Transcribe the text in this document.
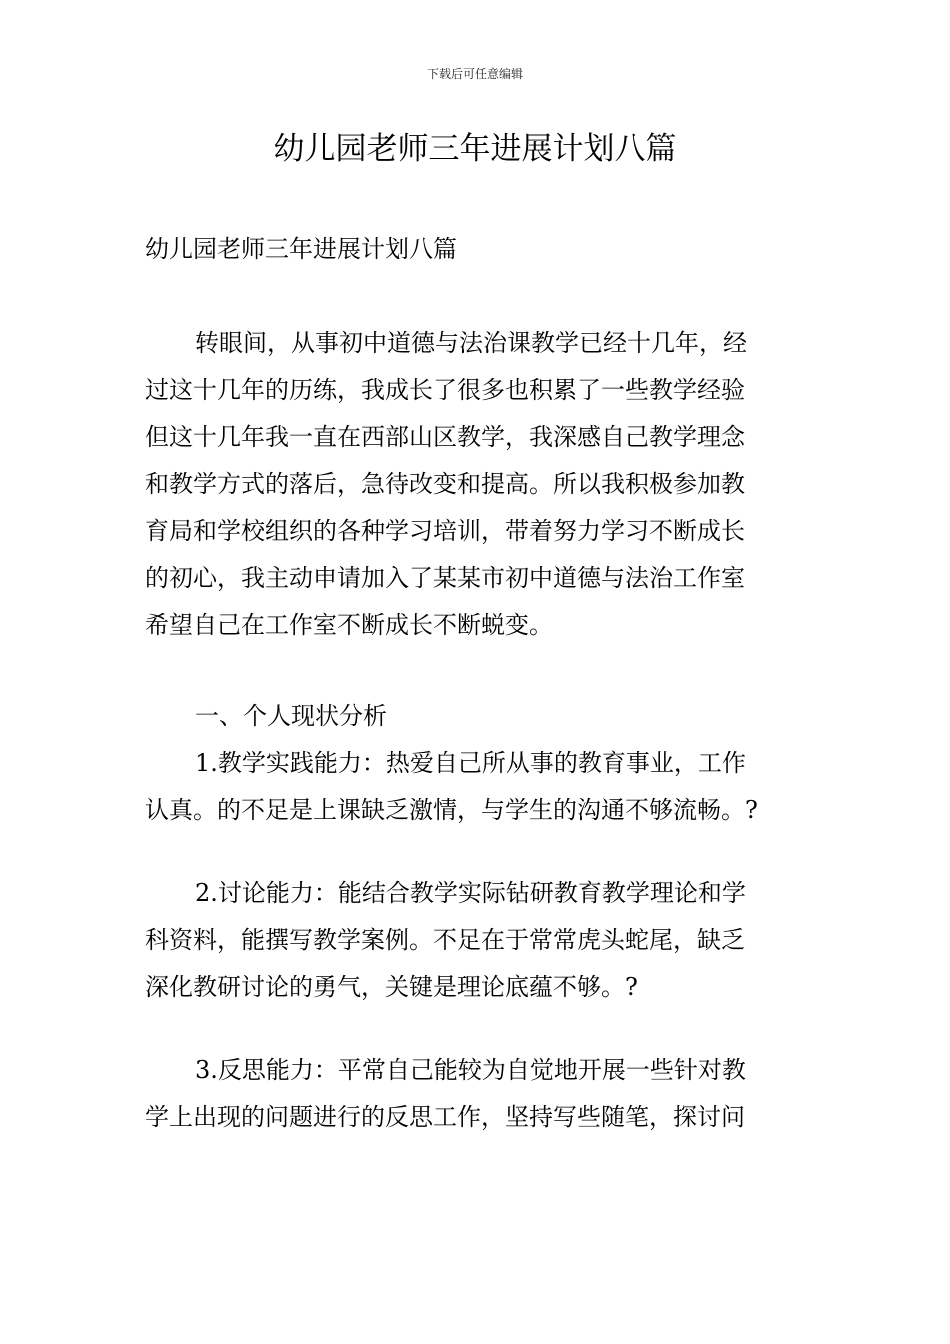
下载后可任意编辑
幼儿园老师三年进展计划八篇
幼儿园老师三年进展计划八篇
转眼间，从事初中道德与法治课教学已经十几年，经
过这十几年的历练，我成长了很多也积累了一些教学经验
但这十几年我一直在西部山区教学，我深感自己教学理念
和教学方式的落后，急待改变和提高。所以我积极参加教
育局和学校组织的各种学习培训，带着努力学习不断成长
的初心，我主动申请加入了某某市初中道德与法治工作室
希望自己在工作室不断成长不断蜕变。
一、个人现状分析
1.教学实践能力：热爱自己所从事的教育事业，工作
认真。的不足是上课缺乏激情，与学生的沟通不够流畅。?
2.讨论能力：能结合教学实际钻研教育教学理论和学
科资料，能撰写教学案例。不足在于常常虎头蛇尾，缺乏
深化教研讨论的勇气，关键是理论底蕴不够。?
3.反思能力：平常自己能较为自觉地开展一些针对教
学上出现的问题进行的反思工作，坚持写些随笔，探讨问
